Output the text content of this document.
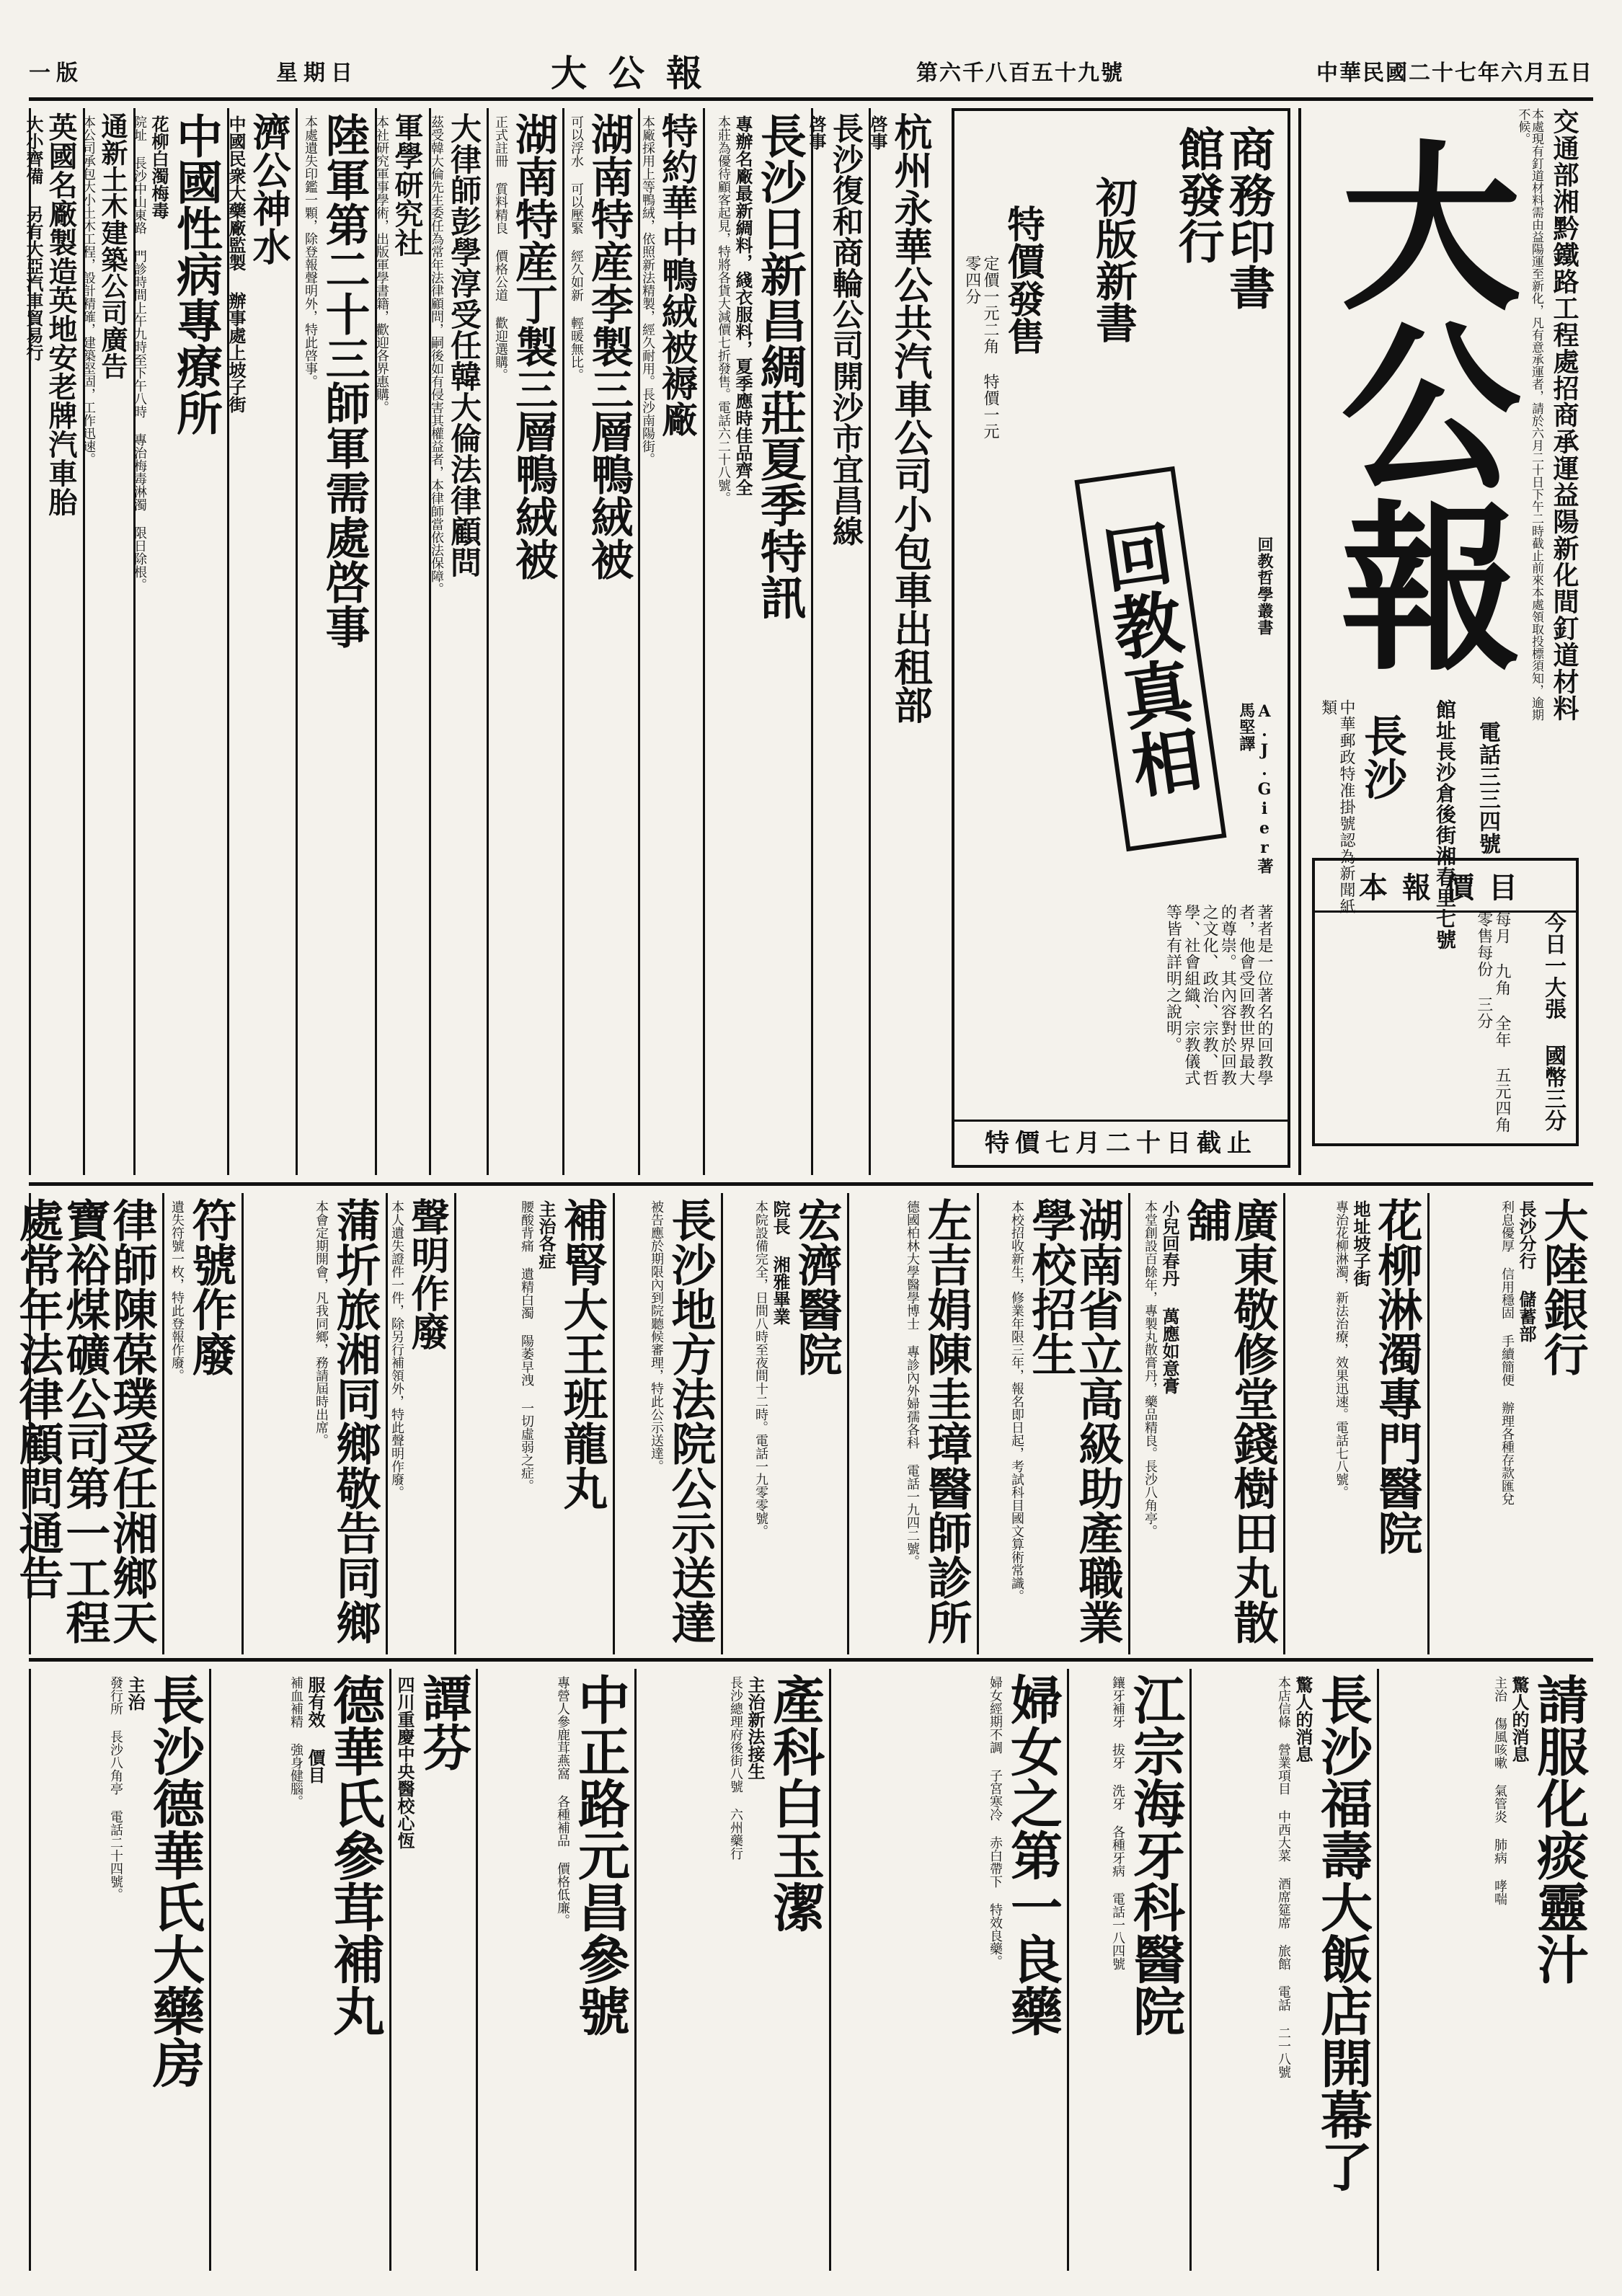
中華民國二十七年六月五日
第六千八百五十九號
大公報
星期日
一版
大公報 交通部湘黔鐵路工程處招商承運益陽新化間釘道材料
本處現有釘道材料需由益陽運至新化，凡有意承運者，請於六月二十日下午二時截止前來本處領取投標須知，逾期不候。
中華郵政特准掛號認為新聞紙類
長沙	館址長沙倉後街湘春里七號 電話三三四號
本報價目
今日一大張 國幣三分
每月 九角 全年 五元四角 零售每份 三分
商務印書館發行
初版新書
特價發售
定價一元二角 特價一元零四分
回教真相	回教哲學叢書
A.J.Gier著 馬堅譯
著者是一位著名的回教學者，他會受回教世界最大的尊崇。其內容對於回教之文化、政治、宗教、哲學、社會組織、宗教儀式等皆有詳明之說明。
特價七月二十日截止
杭州永華公共汽車公司小包車出租部
啓事
長沙復和商輪公司開沙市宜昌線
啓事
長沙日新昌綢莊夏季特訊
專辦名廠最新綢料，綫衣服料，夏季應時佳品齊全
本莊為優待顧客起見，特將各貨大減價七折發售。電話六二十八號。
特約華中鴨絨被褥廠
本廠採用上等鴨絨，依照新法精製，經久耐用。長沙南陽街。
湖南特産李製三層鴨絨被
可以浮水 可以壓緊 經久如新 輕暖無比。
湖南特産丁製三層鴨絨被
正式註冊 質料精良 價格公道 歡迎選購。
大律師彭學淳受任韓大倫法律顧問
茲受韓大倫先生委任為常年法律顧問，嗣後如有侵害其權益者，本律師當依法保障。
軍學研究社
本社研究軍事學術，出版軍學書籍，歡迎各界惠購。
陸軍第二十三師軍需處啓事
本處遺失印鑑一顆，除登報聲明外，特此啓事。
濟公神水
中國民衆大藥廠監製 辦事處上坡子街
中國性病專療所
花柳白濁梅毒
院址 長沙中山東路 門診時間上午九時至下午八時 專治梅毒淋濁 限日除根。
通新土木建築公司廣告
本公司承包大小土木工程，設計精確，建築堅固，工作迅速。
英國名廠製造英地安老牌汽車胎
大小齊備 另有大亞汽車貿易行
大陸銀行
長沙分行 儲蓄部
利息優厚 信用穩固 手續簡便 辦理各種存款匯兌
花柳淋濁專門醫院
地址坡子街
專治花柳淋濁，新法治療，效果迅速。電話七八號。
廣東敬修堂錢樹田丸散舖
小兒回春丹 萬應如意膏
本堂創設百餘年，專製丸散膏丹，藥品精良。長沙八角亭。
湖南省立高級助產職業學校招生
本校招收新生，修業年限三年，報名即日起，考試科目國文算術常識。
左吉娟陳圭璋醫師診所
德國柏林大學醫學博士 專診內外婦孺各科 電話一九四二號。
宏濟醫院
院長 湘雅畢業
本院設備完全，日間八時至夜間十二時。電話一九零零號。
長沙地方法院公示送達
被告應於期限內到院聽候審理，特此公示送達。
補腎大王班龍丸
主治各症
腰酸背痛 遺精白濁 陽萎早洩 一切虛弱之症。
聲明作廢
本人遺失證件一件，除另行補領外，特此聲明作廢。
蒲圻旅湘同鄉敬告同鄉
本會定期開會，凡我同鄉，務請屆時出席。
符號作廢
遺失符號一枚，特此登報作廢。
律師陳葆璞受任湘鄉天寶裕煤礦公司第一工程處常年法律顧問通告
請服化痰靈汁
驚人的消息
主治 傷風咳嗽 氣管炎 肺病 哮喘
長沙福壽大飯店開幕了
驚人的消息
本店信條 營業項目 中西大菜 酒席筵席 旅館 電話 二一八號
江宗海牙科醫院
鑲牙補牙 拔牙 洗牙 各種牙病 電話一八四號
婦女之第一良藥
婦女經期不調 子宮寒冷 赤白帶下 特效良藥。
產科白玉潔
主治新法接生
長沙總理府後街八號 六州藥行
中正路元昌參號
專營人參鹿茸燕窩 各種補品 價格低廉。
譚芬
四川重慶中央醫校心恆
德華氏參茸補丸
服有效 價目
補血補精 強身健腦。
長沙德華氏大藥房
主治
發行所 長沙八角亭 電話二十四號。
